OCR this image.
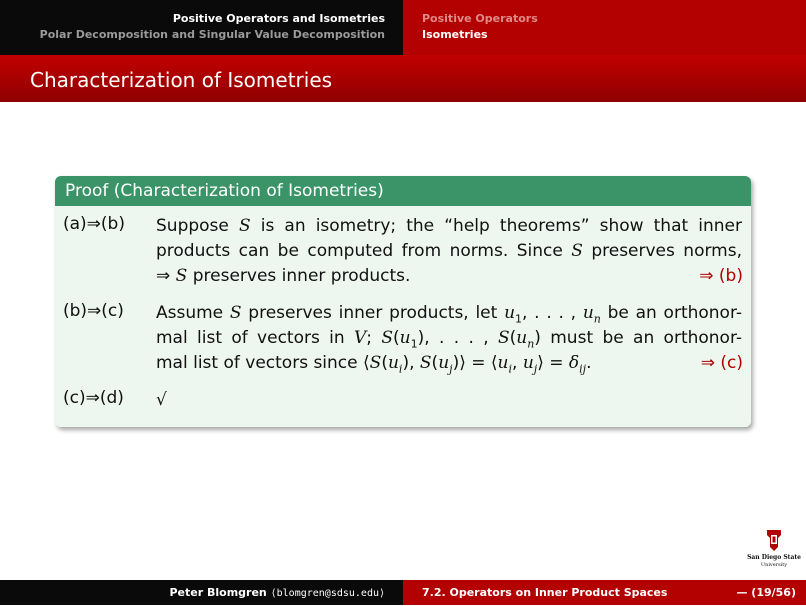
Positive Operators and Isometries
Polar Decomposition and Singular Value Decomposition
Positive Operators
Isometries
Characterization of Isometries
Proof (Characterization of Isometries)
(a)⇒(b) Suppose S is an isometry; the “help theorems” show that inner
products can be computed from norms. Since S preserves norms,
⇒ S preserves inner products.	⇒ (b)
(b)⇒(c) Assume S preserves inner products, let $u_1$, . . . , $u_n$ be an orthonor-
mal list of vectors in V; $S(u_1)$, . . . , $S(u_n)$ must be an orthonor-
mal list of vectors since $⟨S(u_i)$, $S(u_j)⟩$ = $⟨u_i$, $u_j⟩ = \delta_{ij}$.	⇒ (c)
(c)⇒(d) √
San Diego State
University
Peter Blomgren ⟨blomgren@sdsu.edu⟩	7.2. Operators on Inner Product Spaces	— (19/56)
